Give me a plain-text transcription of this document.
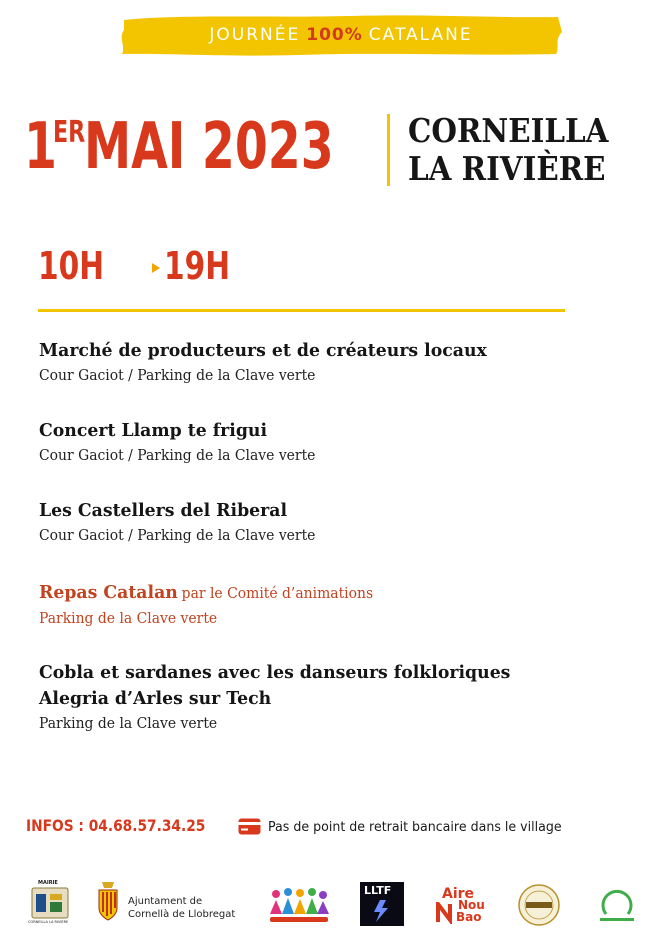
JOURNÉE 100% CATALANE
1
ER
MAI 2023 CORNEILLA
LA RIVIÈRE
10H 19H
Marché de producteurs et de créateurs locaux
Cour Gaciot / Parking de la Clave verte
Concert Llamp te frigui
Cour Gaciot / Parking de la Clave verte
Les Castellers del Riberal
Cour Gaciot / Parking de la Clave verte
Repas Catalan par le Comité d’animations
Parking de la Clave verte
Cobla et sardanes avec les danseurs folkloriques
Alegria d’Arles sur Tech
Parking de la Clave verte
INFOS : 04.68.57.34.25	Pas de point de retrait bancaire dans le village
MAIRIE
CORNEILLA LA RIVIÈRE
Ajuntament de
Cornellà de Llobregat
LLTF	Aire
Nou
Bao
